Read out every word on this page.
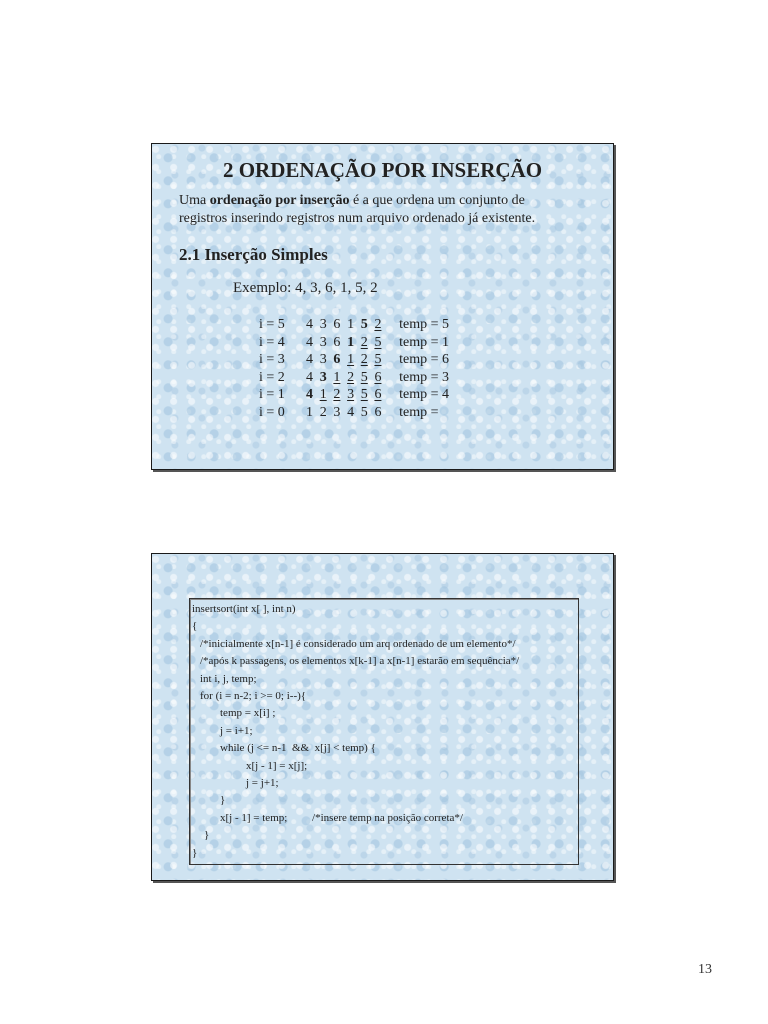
2 ORDENAÇÃO POR INSERÇÃO
Uma ordenação por inserção é a que ordena um conjunto de
registros inserindo registros num arquivo ordenado já existente.
2.1 Inserção Simples
Exemplo: 4, 3, 6, 1, 5, 2
i = 5	4 3 6 1 5 2	temp = 5
i = 4	4 3 6 1 2 5	temp = 1
i = 3	4 3 6 1 2 5	temp = 6
i = 2	4 3 1 2 5 6	temp = 3
i = 1	4 1 2 3 5 6	temp = 4
i = 0	1 2 3 4 5 6	temp =
insertsort(int x[ ], int n)
{
/*inicialmente x[n-1] é considerado um arq ordenado de um elemento*/
/*após k passagens, os elementos x[k-1] a x[n-1] estarão em sequência*/
int i, j, temp;
for (i = n-2; i >= 0; i--){
temp = x[i] ;
j = i+1;
while (j <= n-1  &&  x[j] < temp) {
x[j - 1] = x[j];
j = j+1;
}
x[j - 1] = temp;         /*insere temp na posição correta*/
}
}
13
